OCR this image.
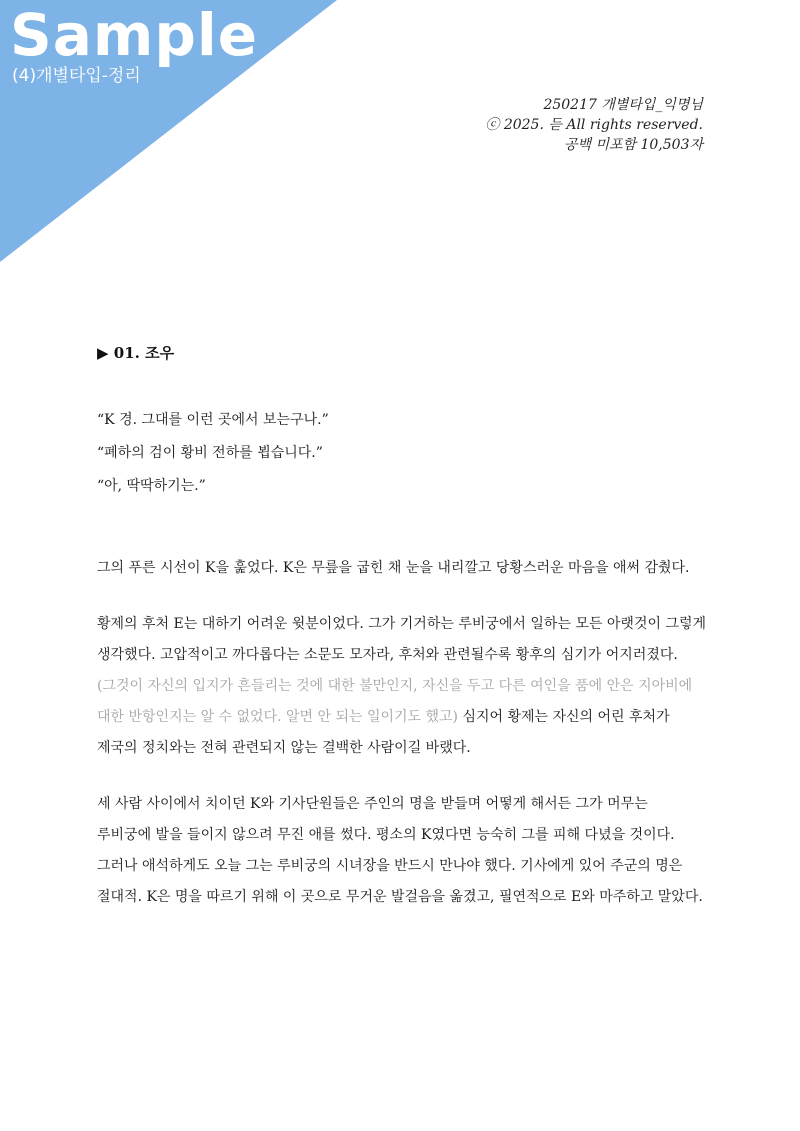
Sample
(4)개별타입-정리
250217 개별타입_익명님
ⓒ 2025. 듣 All rights reserved.
공백 미포함 10,503자
▶ 01. 조우

“K 경. 그대를 이런 곳에서 보는구나.”

“폐하의 검이 황비 전하를 뵙습니다.”

“아, 딱딱하기는.”

그의 푸른 시선이 K을 훑었다. K은 무릎을 굽힌 채 눈을 내리깔고 당황스러운 마음을 애써 감췄다.

황제의 후처 E는 대하기 어려운 윗분이었다. 그가 기거하는 루비궁에서 일하는 모든 아랫것이 그렇게

생각했다. 고압적이고 까다롭다는 소문도 모자라, 후처와 관련될수록 황후의 심기가 어지러졌다.

(그것이 자신의 입지가 흔들리는 것에 대한 불만인지, 자신을 두고 다른 여인을 품에 안은 지아비에

대한 반항인지는 알 수 없었다. 알면 안 되는 일이기도 했고) 심지어 황제는 자신의 어린 후처가

제국의 정치와는 전혀 관련되지 않는 결백한 사람이길 바랬다.

세 사람 사이에서 치이던 K와 기사단원들은 주인의 명을 받들며 어떻게 해서든 그가 머무는

루비궁에 발을 들이지 않으려 무진 애를 썼다. 평소의 K였다면 능숙히 그를 피해 다녔을 것이다.

그러나 애석하게도 오늘 그는 루비궁의 시녀장을 반드시 만나야 했다. 기사에게 있어 주군의 명은

절대적. K은 명을 따르기 위해 이 곳으로 무거운 발걸음을 옮겼고, 필연적으로 E와 마주하고 말았다.
